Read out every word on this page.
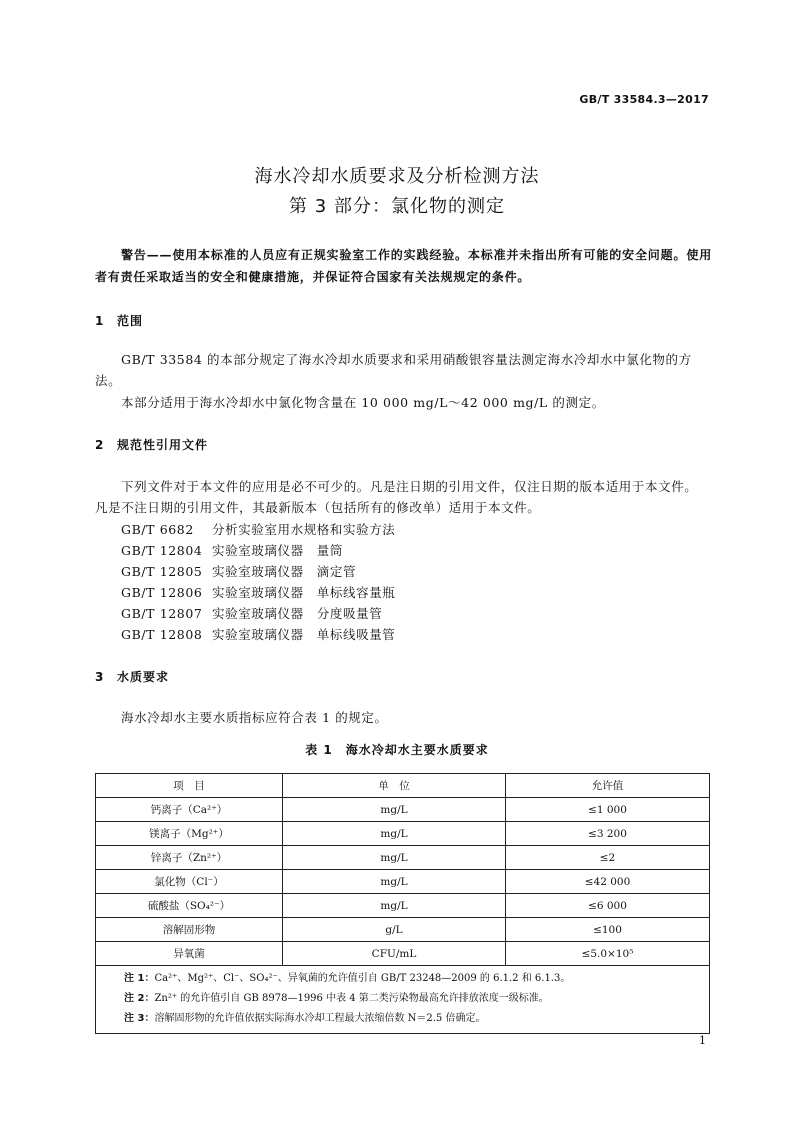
GB/T 33584.3—2017
海水冷却水质要求及分析检测方法
第 3 部分：氯化物的测定
警告——使用本标准的人员应有正规实验室工作的实践经验。本标准并未指出所有可能的安全问题。使用者有责任采取适当的安全和健康措施，并保证符合国家有关法规规定的条件。
1 范围
GB/T 33584 的本部分规定了海水冷却水质要求和采用硝酸银容量法测定海水冷却水中氯化物的方法。
本部分适用于海水冷却水中氯化物含量在 10 000 mg/L～42 000 mg/L 的测定。
2 规范性引用文件
下列文件对于本文件的应用是必不可少的。凡是注日期的引用文件，仅注日期的版本适用于本文件。凡是不注日期的引用文件，其最新版本（包括所有的修改单）适用于本文件。
GB/T 6682 分析实验室用水规格和实验方法
GB/T 12804 实验室玻璃仪器　量筒
GB/T 12805 实验室玻璃仪器　滴定管
GB/T 12806 实验室玻璃仪器　单标线容量瓶
GB/T 12807 实验室玻璃仪器　分度吸量管
GB/T 12808 实验室玻璃仪器　单标线吸量管
3 水质要求
海水冷却水主要水质指标应符合表 1 的规定。
表 1　海水冷却水主要水质要求
项　目	单　位	允许值
钙离子（Ca²⁺）	mg/L	≤1 000
镁离子（Mg²⁺）	mg/L	≤3 200
锌离子（Zn²⁺）	mg/L	≤2
氯化物（Cl⁻）	mg/L	≤42 000
硫酸盐（SO₄²⁻）	mg/L	≤6 000
溶解固形物	g/L	≤100
异氧菌	CFU/mL	≤5.0×10⁵

注 1：Ca²⁺、Mg²⁺、Cl⁻、SO₄²⁻、异氧菌的允许值引自 GB/T 23248—2009 的 6.1.2 和 6.1.3。
注 2：Zn²⁺ 的允许值引自 GB 8978—1996 中表 4 第二类污染物最高允许排放浓度一级标准。
注 3：溶解固形物的允许值依据实际海水冷却工程最大浓缩倍数 N＝2.5 倍确定。		
1
